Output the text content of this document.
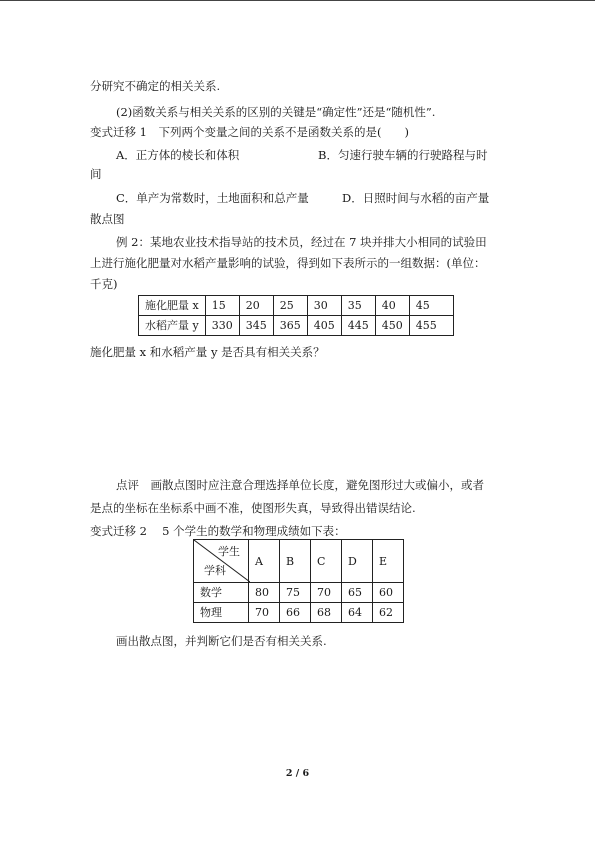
分研究不确定的相关关系.
(2)函数关系与相关关系的区别的关键是“确定性”还是“随机性”.
变式迁移 1　下列两个变量之间的关系不是函数关系的是(　　)
A．正方体的棱长和体积	B．匀速行驶车辆的行驶路程与时
间
C．单产为常数时，土地面积和总产量	D．日照时间与水稻的亩产量
散点图
例 2：某地农业技术指导站的技术员，经过在 7 块并排大小相同的试验田
上进行施化肥量对水稻产量影响的试验，得到如下表所示的一组数据：(单位：
千克)
施化肥量 x	15	20	25	30	35	40	45
水稻产量 y	330	345	365	405	445	450	455
施化肥量 x 和水稻产量 y 是否具有相关关系？
点评　画散点图时应注意合理选择单位长度，避免图形过大或偏小，或者
是点的坐标在坐标系中画不准，使图形失真，导致得出错误结论.
变式迁移 2　 5 个学生的数学和物理成绩如下表：
学生
学科	A	B	C	D	E
数学	80	75	70	65	60
物理	70	66	68	64	62
画出散点图，并判断它们是否有相关关系.
2 / 6
